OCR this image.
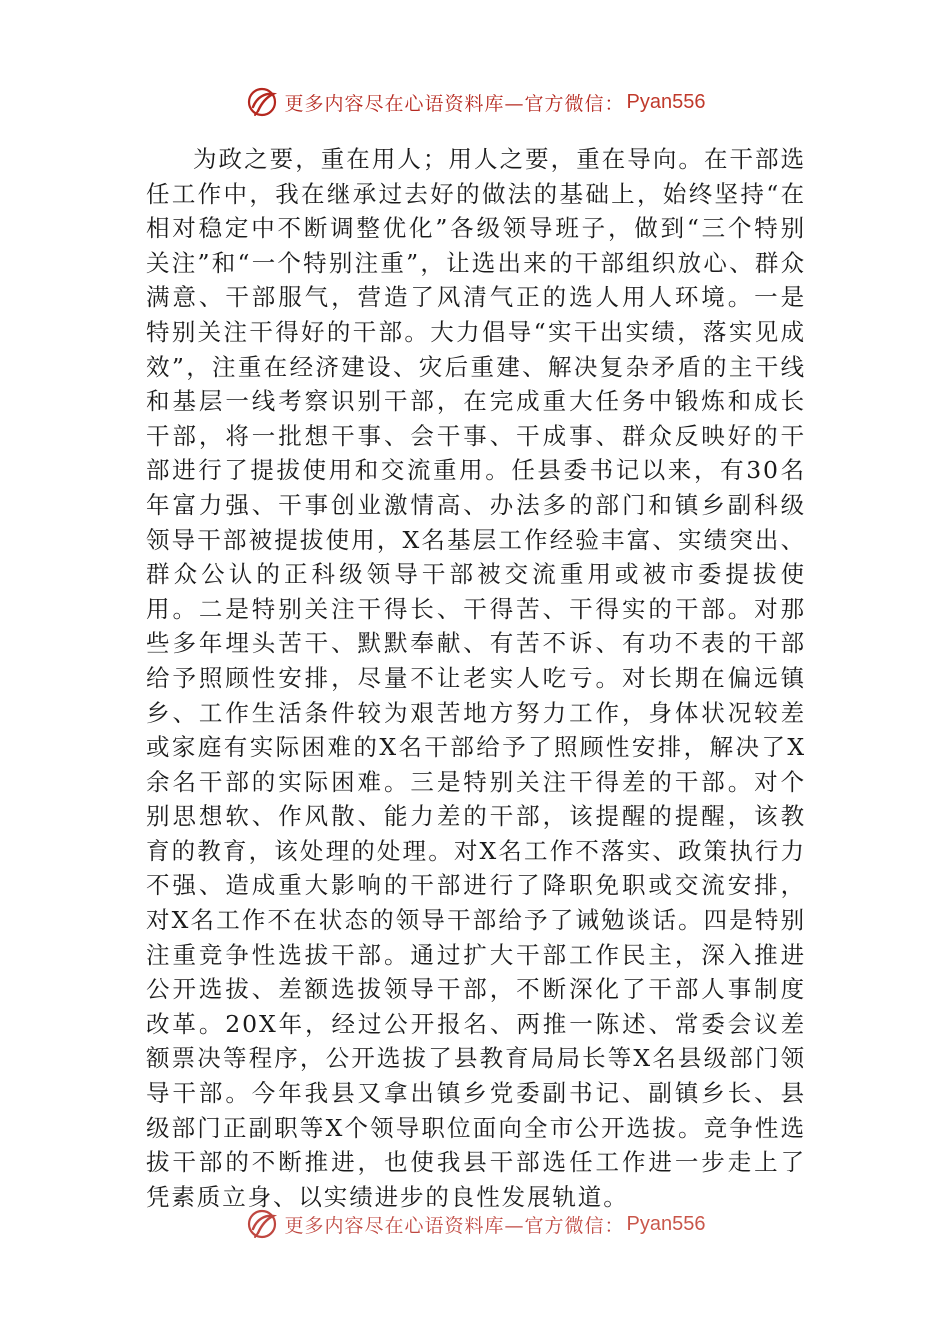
更多内容尽在心语资料库—官方微信： Pyan556

为政之要，重在用人；用人之要，重在导向。在干部选任工作中，我在继承过去好的做法的基础上，始终坚持“在相对稳定中不断调整优化”各级领导班子，做到“三个特别关注”和“一个特别注重”，让选出来的干部组织放心、群众满意、干部服气，营造了风清气正的选人用人环境。一是特别关注干得好的干部。大力倡导“实干出实绩，落实见成效”，注重在经济建设、灾后重建、解决复杂矛盾的主干线和基层一线考察识别干部，在完成重大任务中锻炼和成长干部，将一批想干事、会干事、干成事、群众反映好的干部进行了提拔使用和交流重用。任县委书记以来，有30名年富力强、干事创业激情高、办法多的部门和镇乡副科级领导干部被提拔使用，X名基层工作经验丰富、实绩突出、群众公认的正科级领导干部被交流重用或被市委提拔使用。二是特别关注干得长、干得苦、干得实的干部。对那些多年埋头苦干、默默奉献、有苦不诉、有功不表的干部给予照顾性安排，尽量不让老实人吃亏。对长期在偏远镇乡、工作生活条件较为艰苦地方努力工作，身体状况较差或家庭有实际困难的X名干部给予了照顾性安排，解决了X余名干部的实际困难。三是特别关注干得差的干部。对个别思想软、作风散、能力差的干部，该提醒的提醒，该教育的教育，该处理的处理。对X名工作不落实、政策执行力不强、造成重大影响的干部进行了降职免职或交流安排，对X名工作不在状态的领导干部给予了诫勉谈话。四是特别注重竞争性选拔干部。通过扩大干部工作民主，深入推进公开选拔、差额选拔领导干部，不断深化了干部人事制度改革。20X年，经过公开报名、两推一陈述、常委会议差额票决等程序，公开选拔了县教育局局长等X名县级部门领导干部。今年我县又拿出镇乡党委副书记、副镇乡长、县级部门正副职等X个领导职位面向全市公开选拔。竞争性选拔干部的不断推进，也使我县干部选任工作进一步走上了凭素质立身、以实绩进步的良性发展轨道。

更多内容尽在心语资料库—官方微信： Pyan556
